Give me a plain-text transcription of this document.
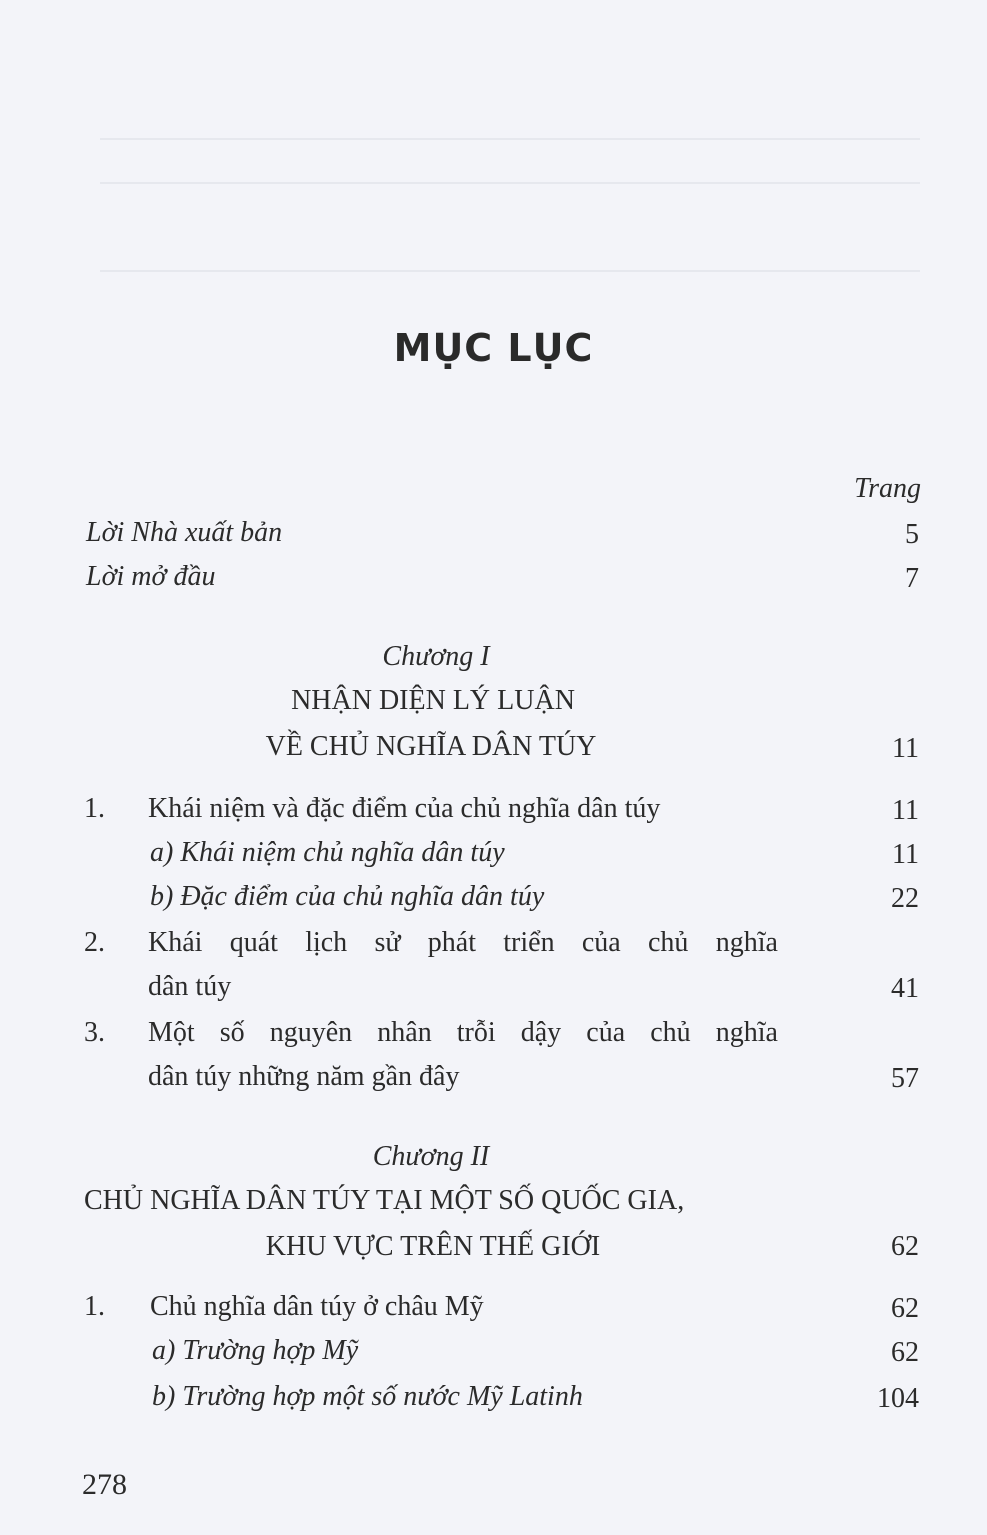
MỤC LỤC
Trang
Lời Nhà xuất bản	5
Lời mở đầu	7
Chương I
NHẬN DIỆN LÝ LUẬN
VỀ CHỦ NGHĨA DÂN TÚY	11
1. Khái niệm và đặc điểm của chủ nghĩa dân túy	11
a) Khái niệm chủ nghĩa dân túy	11
b) Đặc điểm của chủ nghĩa dân túy	22
2. Khái quát lịch sử phát triển của chủ nghĩa
dân túy	41
3. Một số nguyên nhân trỗi dậy của chủ nghĩa
dân túy những năm gần đây	57
Chương II
CHỦ NGHĨA DÂN TÚY TẠI MỘT SỐ QUỐC GIA,
KHU VỰC TRÊN THẾ GIỚI	62
1. Chủ nghĩa dân túy ở châu Mỹ	62
a) Trường hợp Mỹ	62
b) Trường hợp một số nước Mỹ Latinh	104
278
